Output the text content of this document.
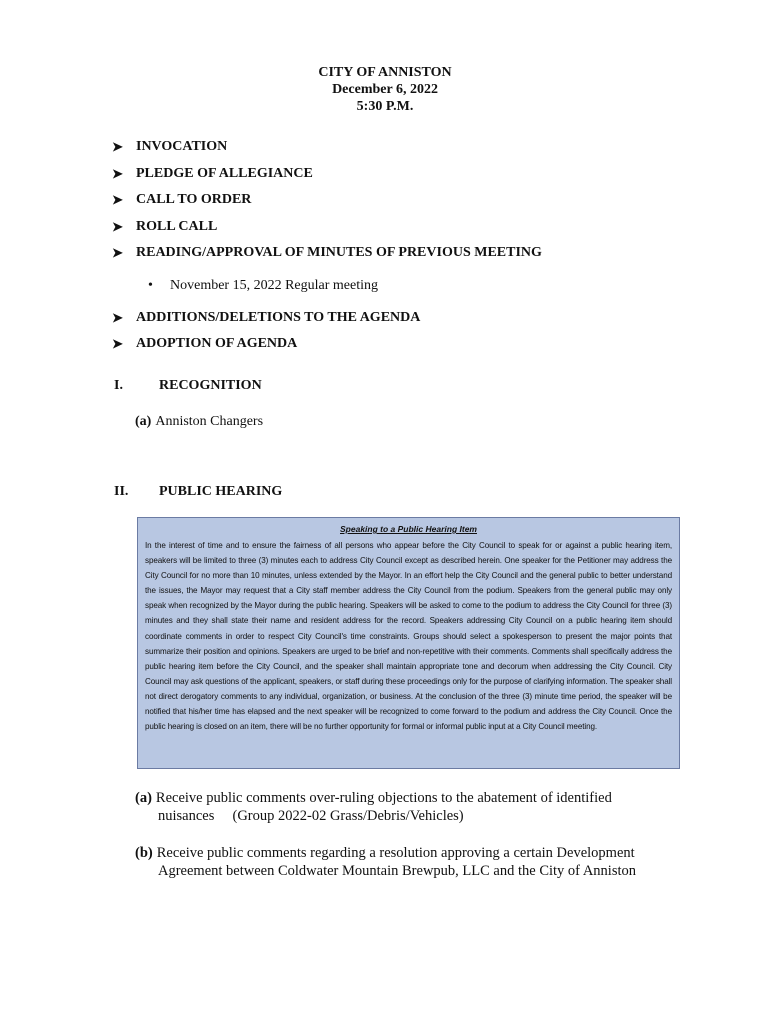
CITY OF ANNISTON
December 6, 2022
5:30 P.M.
➤ INVOCATION
➤ PLEDGE OF ALLEGIANCE
➤ CALL TO ORDER
➤ ROLL CALL
➤ READING/APPROVAL OF MINUTES OF PREVIOUS MEETING
•	November 15, 2022 Regular meeting
➤ ADDITIONS/DELETIONS TO THE AGENDA
➤ ADOPTION OF AGENDA
I.	RECOGNITION
(a) Anniston Changers
II.	PUBLIC HEARING
Speaking to a Public Hearing Item
In the interest of time and to ensure the fairness of all persons who appear before the City Council to speak for or against a public hearing item, speakers will be limited to three (3) minutes each to address City Council except as described herein. One speaker for the Petitioner may address the City Council for no more than 10 minutes, unless extended by the Mayor. In an effort help the City Council and the general public to better understand the issues, the Mayor may request that a City staff member address the City Council from the podium. Speakers from the general public may only speak when recognized by the Mayor during the public hearing. Speakers will be asked to come to the podium to address the City Council for three (3) minutes and they shall state their name and resident address for the record. Speakers addressing City Council on a public hearing item should coordinate comments in order to respect City Council's time constraints. Groups should select a spokesperson to present the major points that summarize their position and opinions. Speakers are urged to be brief and non-repetitive with their comments. Comments shall specifically address the public hearing item before the City Council, and the speaker shall maintain appropriate tone and decorum when addressing the City Council. City Council may ask questions of the applicant, speakers, or staff during these proceedings only for the purpose of clarifying information. The speaker shall not direct derogatory comments to any individual, organization, or business. At the conclusion of the three (3) minute time period, the speaker will be notified that his/her time has elapsed and the next speaker will be recognized to come forward to the podium and address the City Council. Once the public hearing is closed on an item, there will be no further opportunity for formal or informal public input at a City Council meeting.
(a) Receive public comments over-ruling objections to the abatement of identified
nuisances     (Group 2022-02 Grass/Debris/Vehicles)
(b) Receive public comments regarding a resolution approving a certain Development
Agreement between Coldwater Mountain Brewpub, LLC and the City of Anniston
